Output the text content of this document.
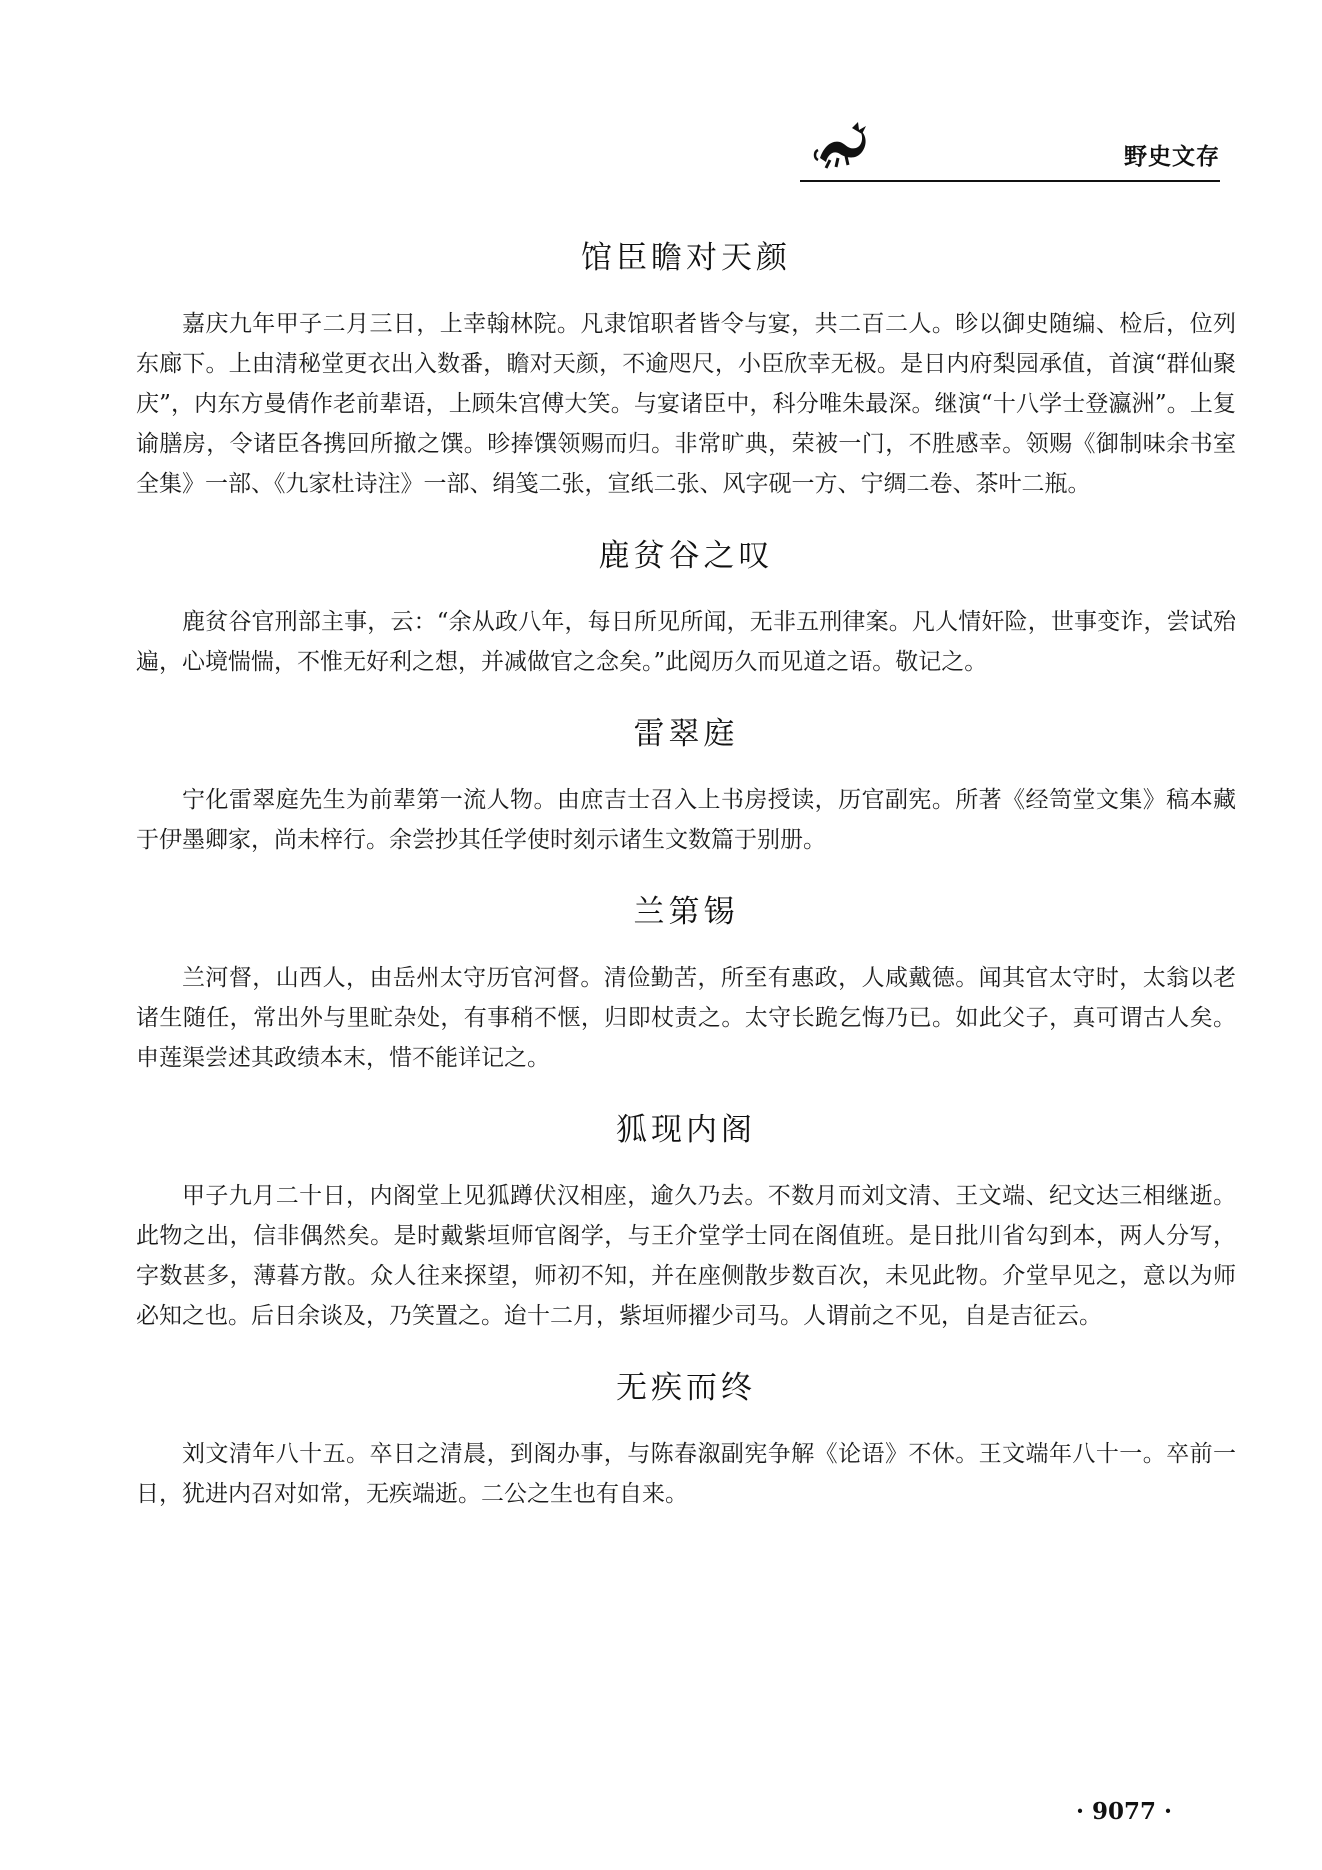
野史文存
馆臣瞻对天颜

嘉庆九年甲子二月三日，上幸翰林院。凡隶馆职者皆令与宴，共二百二人。昣以御史随编、检后，位列东廊下。上由清秘堂更衣出入数番，瞻对天颜，不逾咫尺，小臣欣幸无极。是日内府梨园承值，首演“群仙聚庆”，内东方曼倩作老前辈语，上顾朱宫傅大笑。与宴诸臣中，科分唯朱最深。继演“十八学士登瀛洲”。上复谕膳房，令诸臣各携回所撤之馔。昣捧馔领赐而归。非常旷典，荣被一门，不胜感幸。领赐《御制味余书室全集》一部、《九家杜诗注》一部、绢笺二张，宣纸二张、风字砚一方、宁绸二卷、茶叶二瓶。

鹿贫谷之叹

鹿贫谷官刑部主事，云：“余从政八年，每日所见所闻，无非五刑律案。凡人情奸险，世事变诈，尝试殆遍，心境惴惴，不惟无好利之想，并减做官之念矣。”此阅历久而见道之语。敬记之。

雷翠庭

宁化雷翠庭先生为前辈第一流人物。由庶吉士召入上书房授读，历官副宪。所著《经笥堂文集》稿本藏于伊墨卿家，尚未梓行。余尝抄其任学使时刻示诸生文数篇于别册。

兰第锡

兰河督，山西人，由岳州太守历官河督。清俭勤苦，所至有惠政，人咸戴德。闻其官太守时，太翁以老诸生随任，常出外与里甿杂处，有事稍不惬，归即杖责之。太守长跪乞悔乃已。如此父子，真可谓古人矣。申莲渠尝述其政绩本末，惜不能详记之。

狐现内阁

甲子九月二十日，内阁堂上见狐蹲伏汉相座，逾久乃去。不数月而刘文清、王文端、纪文达三相继逝。此物之出，信非偶然矣。是时戴紫垣师官阁学，与王介堂学士同在阁值班。是日批川省勾到本，两人分写，字数甚多，薄暮方散。众人往来探望，师初不知，并在座侧散步数百次，未见此物。介堂早见之，意以为师必知之也。后日余谈及，乃笑置之。迨十二月，紫垣师擢少司马。人谓前之不见，自是吉征云。

无疾而终

刘文清年八十五。卒日之清晨，到阁办事，与陈春溆副宪争解《论语》不休。王文端年八十一。卒前一日，犹进内召对如常，无疾端逝。二公之生也有自来。

· 9077 ·
